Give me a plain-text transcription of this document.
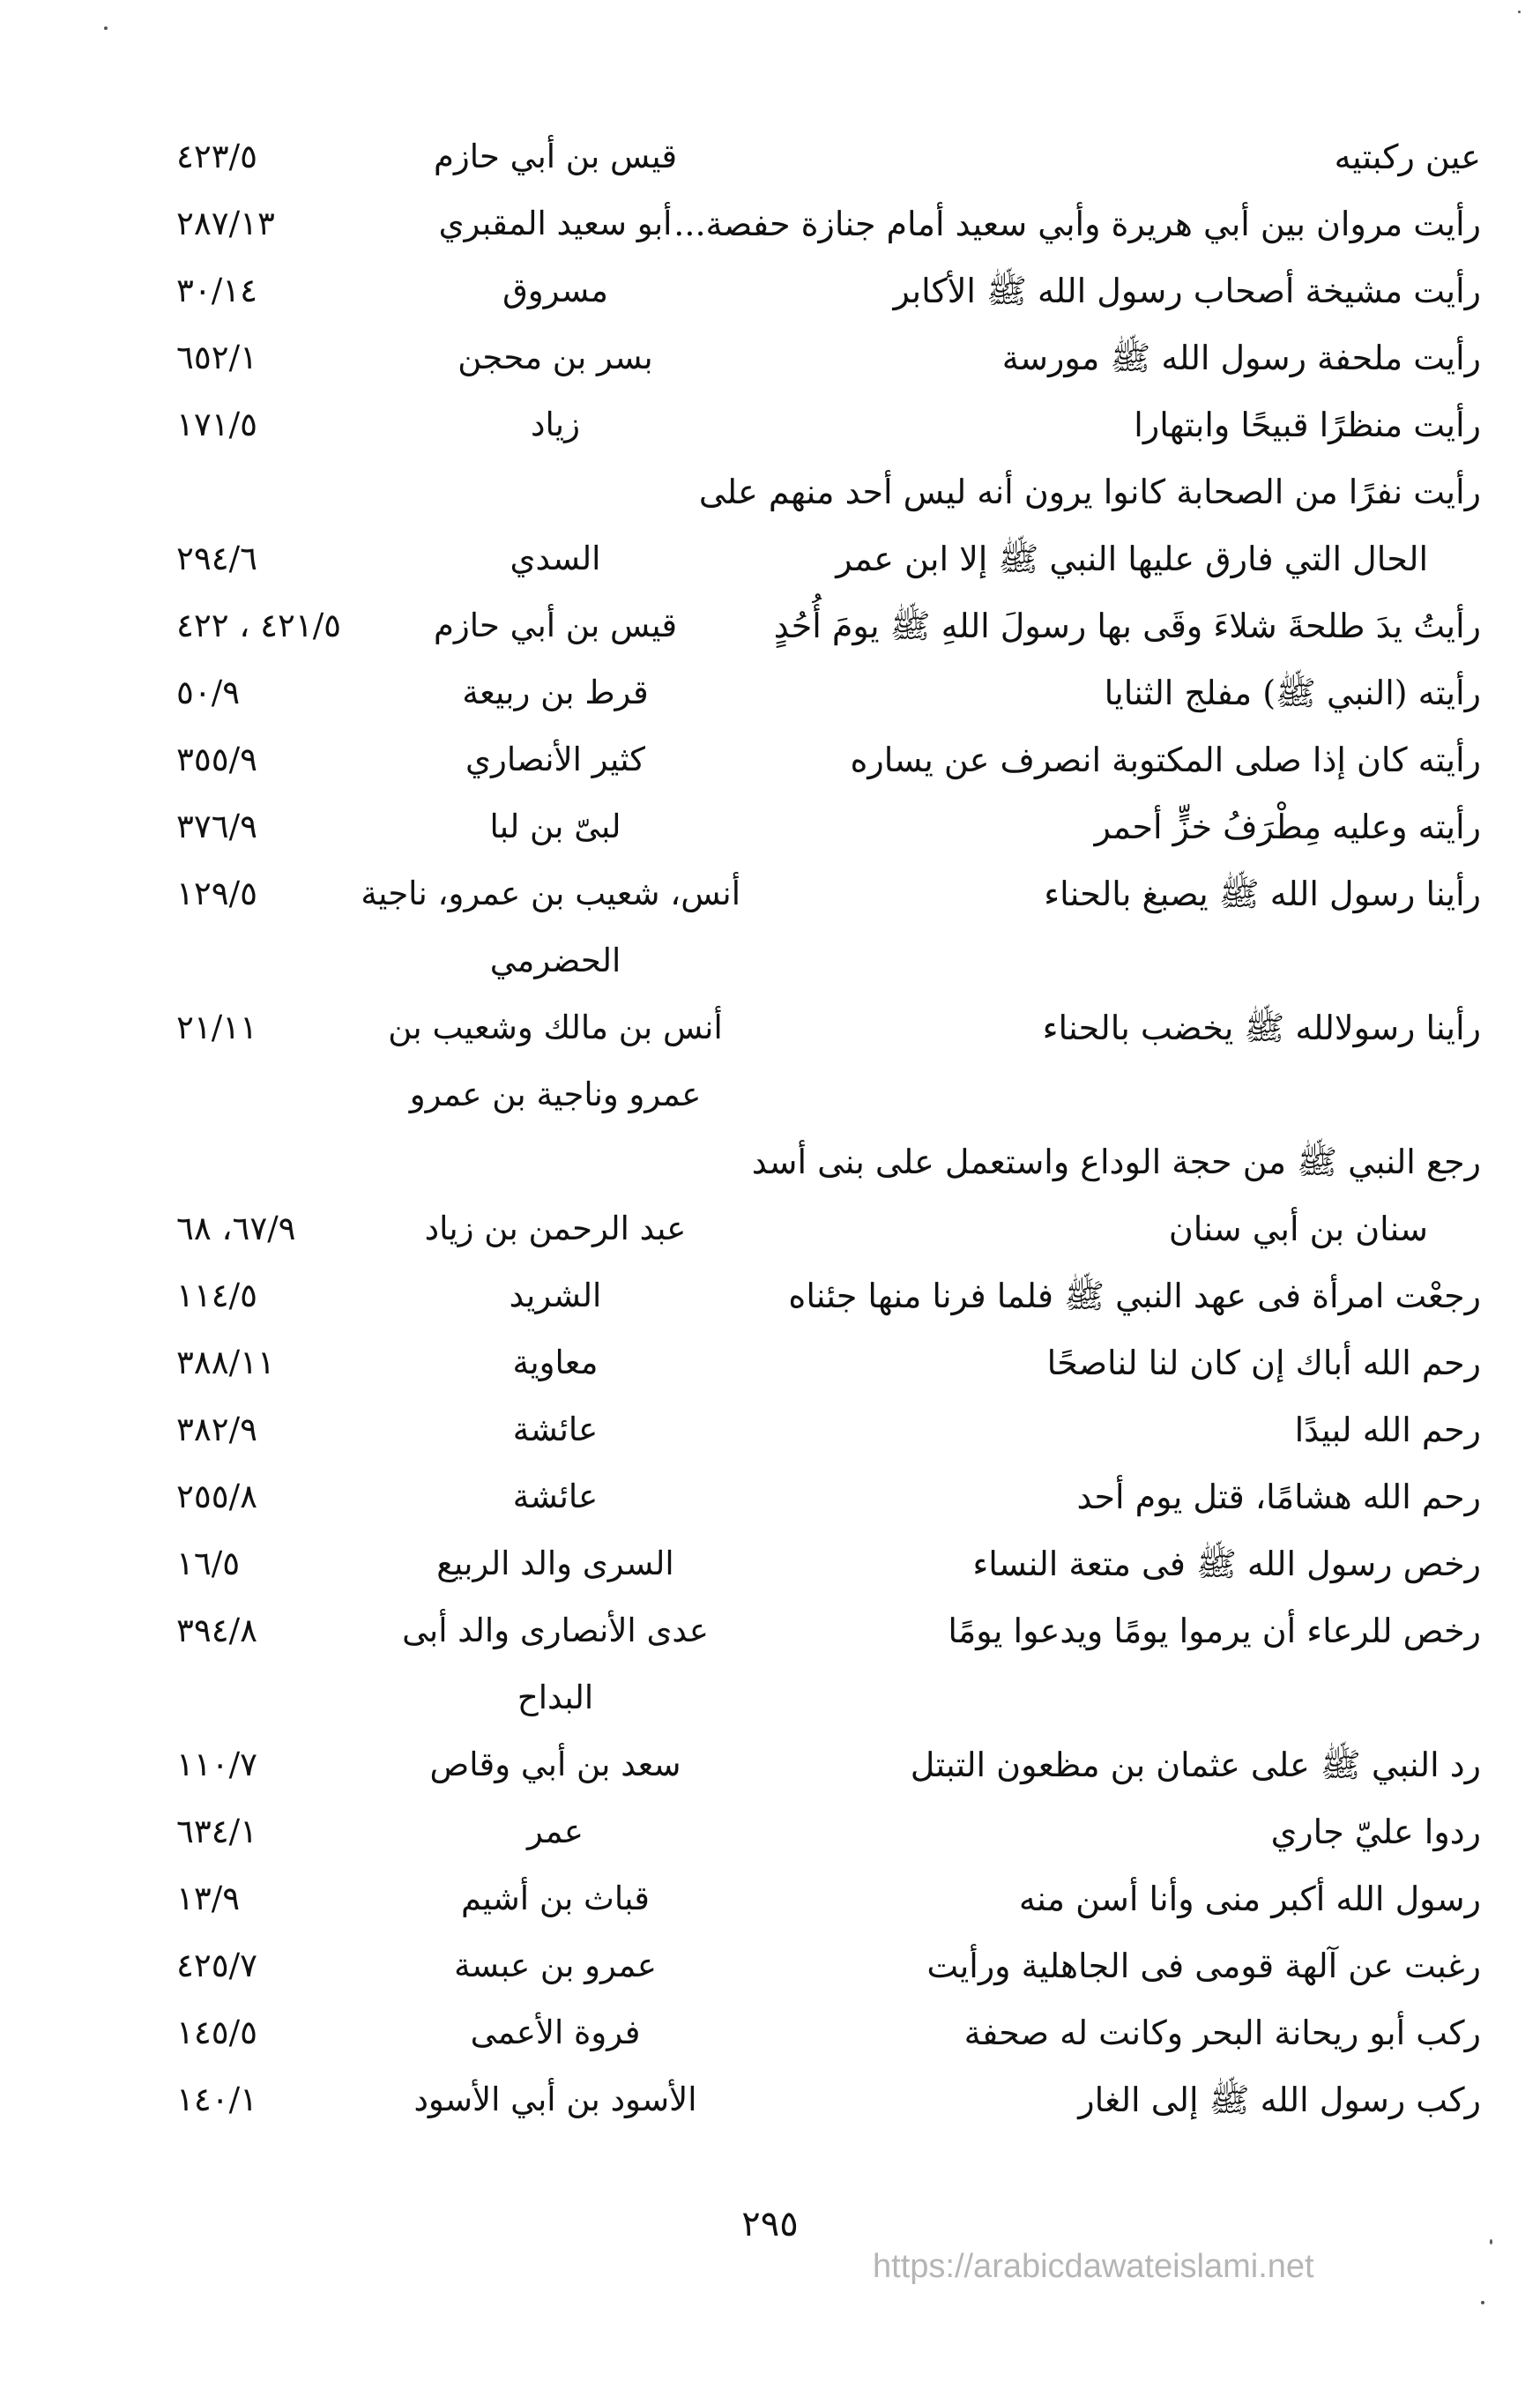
عين ركبتيه
قيس بن أبي حازم
٤٢٣/٥
رأيت مروان بين أبي هريرة وأبي سعيد أمام جنازة حفصة...
أبو سعيد المقبري
٢٨٧/١٣
رأيت مشيخة أصحاب رسول الله ﷺ الأكابر
مسروق
٣٠/١٤
رأيت ملحفة رسول الله ﷺ مورسة
بسر بن محجن
٦٥٢/١
رأيت منظرًا قبيحًا وابتهارا
زياد
١٧١/٥
رأيت نفرًا من الصحابة كانوا يرون أنه ليس أحد منهم على
الحال التي فارق عليها النبي ﷺ إلا ابن عمر
السدي
٢٩٤/٦
رأيتُ يدَ طلحةَ شلاءَ وقَى بها رسولَ اللهِ ﷺ يومَ أُحُدٍ
قيس بن أبي حازم
٤٢١/٥ ، ٤٢٢
رأيته (النبي ﷺ) مفلج الثنايا
قرط بن ربيعة
٥٠/٩
رأيته كان إذا صلى المكتوبة انصرف عن يساره
كثير الأنصاري
٣٥٥/٩
رأيته وعليه مِطْرَفُ خزٍّ أحمر
لبىّ بن لبا
٣٧٦/٩
رأينا رسول الله ﷺ يصبغ بالحناء
أنس، شعيب بن عمرو، ناجية
١٢٩/٥
الحضرمي
رأينا رسولالله ﷺ يخضب بالحناء
أنس بن مالك وشعيب بن
٢١/١١
عمرو وناجية بن عمرو
رجع النبي ﷺ من حجة الوداع واستعمل على بنى أسد
سنان بن أبي سنان
عبد الرحمن بن زياد
٦٧/٩، ٦٨
رجعْت امرأة فى عهد النبي ﷺ فلما فرنا منها جئناه
الشريد
١١٤/٥
رحم الله أباك إن كان لنا لناصحًا
معاوية
٣٨٨/١١
رحم الله لبيدًا
عائشة
٣٨٢/٩
رحم الله هشامًا، قتل يوم أحد
عائشة
٢٥٥/٨
رخص رسول الله ﷺ فى متعة النساء
السرى والد الربيع
١٦/٥
رخص للرعاء أن يرموا يومًا ويدعوا يومًا
عدى الأنصارى والد أبى
٣٩٤/٨
البداح
رد النبي ﷺ على عثمان بن مظعون التبتل
سعد بن أبي وقاص
١١٠/٧
ردوا عليّ جاري
عمر
٦٣٤/١
رسول الله أكبر منى وأنا أسن منه
قباث بن أشيم
١٣/٩
رغبت عن آلهة قومى فى الجاهلية ورأيت
عمرو بن عبسة
٤٢٥/٧
ركب أبو ريحانة البحر وكانت له صحفة
فروة الأعمى
١٤٥/٥
ركب رسول الله ﷺ إلى الغار
الأسود بن أبي الأسود
١٤٠/١
٢٩٥
https://arabicdawateislami.net
